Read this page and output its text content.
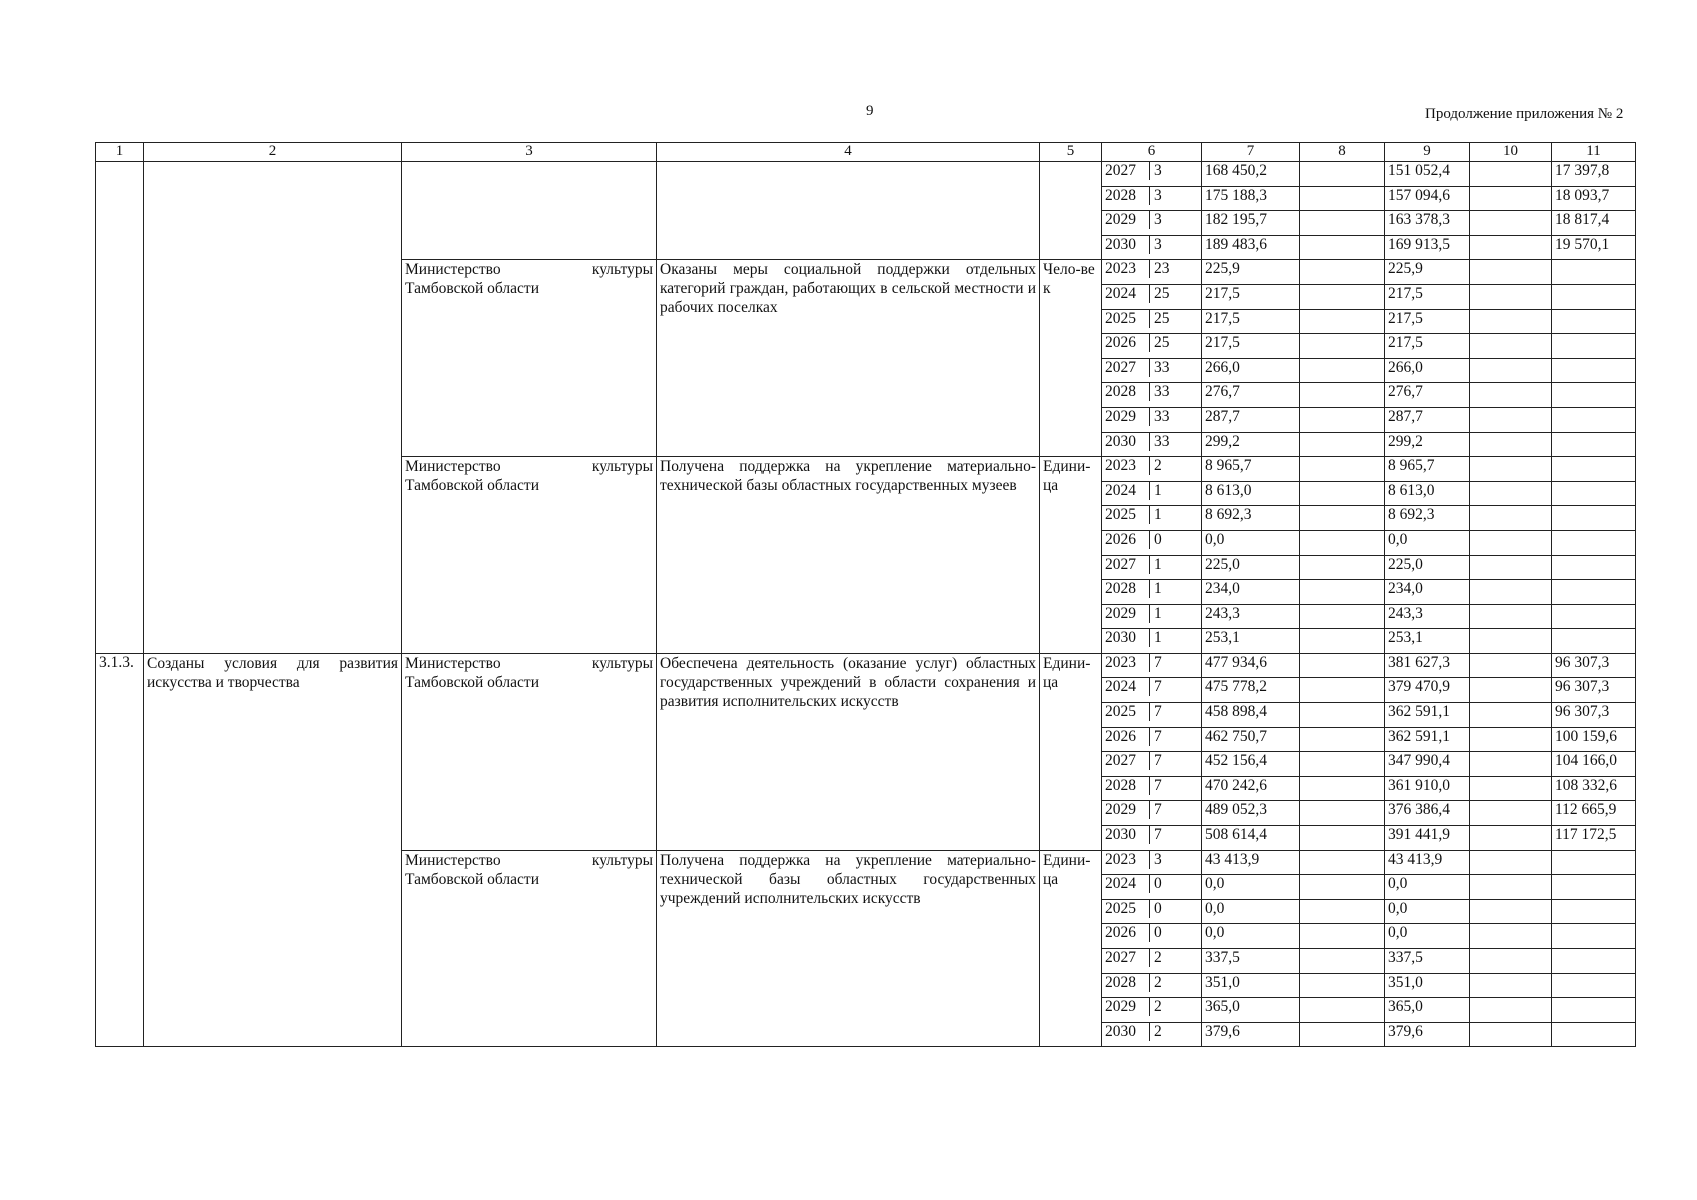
9	Продолжение приложения № 2
1	2	3	4	5	6	7	8	9	10	11
					2027 3	168 450,2		151 052,4		17 397,8
					2028 3	175 188,3		157 094,6		18 093,7
					2029 3	182 195,7		163 378,3		18 817,4
					2030 3	189 483,6		169 913,5		19 570,1

		Министерство культуры
Тамбовской области	Оказаны меры социальной поддержки отдельных категорий граждан, работающих в сельской местности и рабочих поселках	Чело-век	2023 23	225,9		225,9		
					2024 25	217,5		217,5		
					2025 25	217,5		217,5		
					2026 25	217,5		217,5		
					2027 33	266,0		266,0		
					2028 33	276,7		276,7		
					2029 33	287,7		287,7		
					2030 33	299,2		299,2		

		Министерство культуры
Тамбовской области	Получена поддержка на укрепление материально-технической базы областных государственных музеев	Едини-ца	2023 2	8 965,7		8 965,7		
					2024 1	8 613,0		8 613,0		
					2025 1	8 692,3		8 692,3		
					2026 0	0,0		0,0		
					2027 1	225,0		225,0		
					2028 1	234,0		234,0		
					2029 1	243,3		243,3		
					2030 1	253,1		253,1		
3.1.3.	Созданы условия для развития искусства и творчества	Министерство культуры
Тамбовской области	Обеспечена деятельность (оказание услуг) областных государственных учреждений в области сохранения и развития исполнительских искусств	Едини-ца	2023 7	477 934,6		381 627,3		96 307,3
					2024 7	475 778,2		379 470,9		96 307,3
					2025 7	458 898,4		362 591,1		96 307,3
					2026 7	462 750,7		362 591,1		100 159,6
					2027 7	452 156,4		347 990,4		104 166,0
					2028 7	470 242,6		361 910,0		108 332,6
					2029 7	489 052,3		376 386,4		112 665,9
					2030 7	508 614,4		391 441,9		117 172,5

		Министерство культуры
Тамбовской области	Получена поддержка на укрепление материально-технической базы областных государственных учреждений исполнительских искусств	Едини-ца	2023 3	43 413,9		43 413,9		
					2024 0	0,0		0,0		
					2025 0	0,0		0,0		
					2026 0	0,0		0,0		
					2027 2	337,5		337,5		
					2028 2	351,0		351,0		
					2029 2	365,0		365,0		
					2030 2	379,6		379,6		
